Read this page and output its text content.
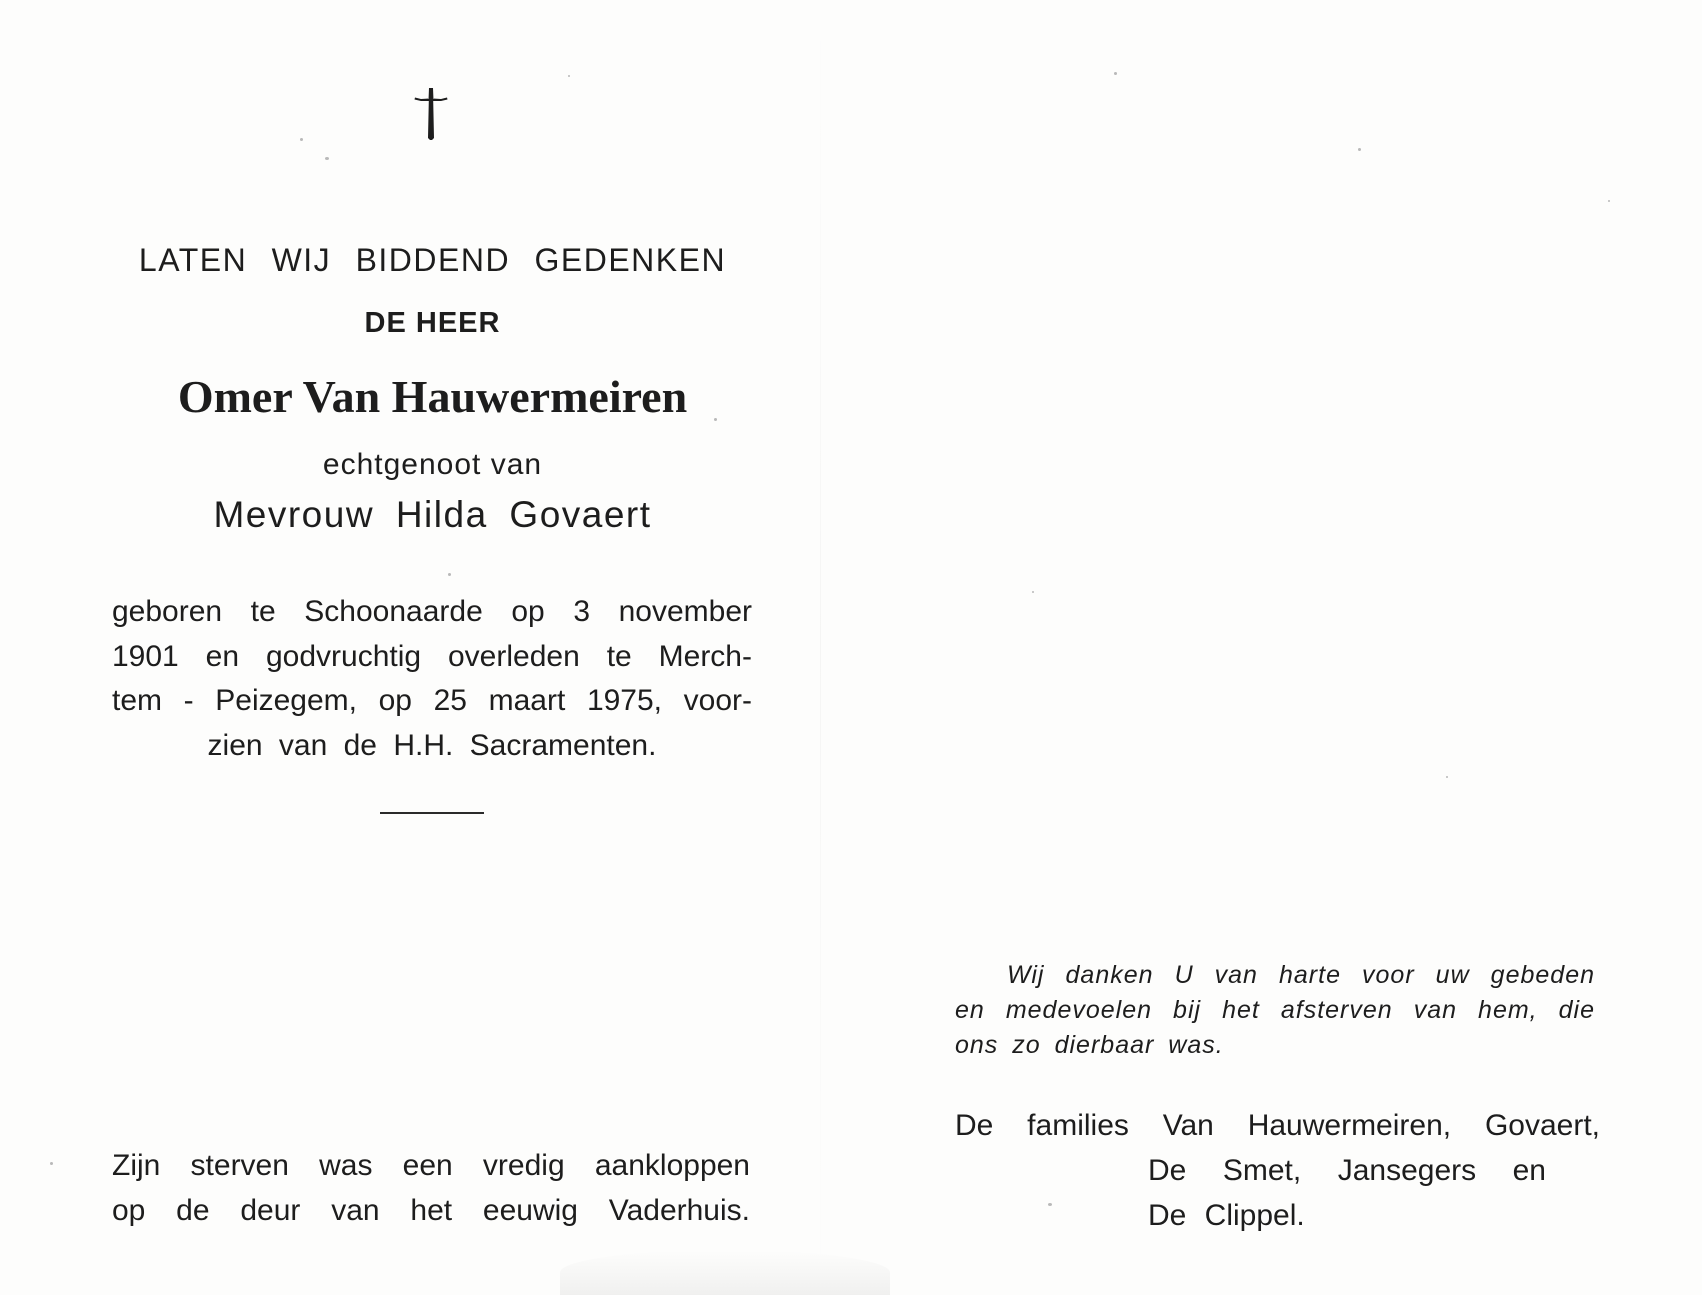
LATEN WIJ BIDDEND GEDENKEN
DE HEER
Omer Van Hauwermeiren
echtgenoot van
Mevrouw Hilda Govaert
geboren te Schoonaarde op 3 november
1901 en godvruchtig overleden te Merch-
tem - Peizegem, op 25 maart 1975, voor-
zien van de H.H. Sacramenten.
Zijn sterven was een vredig aankloppen
op de deur van het eeuwig Vaderhuis.
Wij danken U van harte voor uw gebeden
en medevoelen bij het afsterven van hem, die
ons zo dierbaar was.
De families Van Hauwermeiren, Govaert,
De Smet, Jansegers en
De Clippel.
